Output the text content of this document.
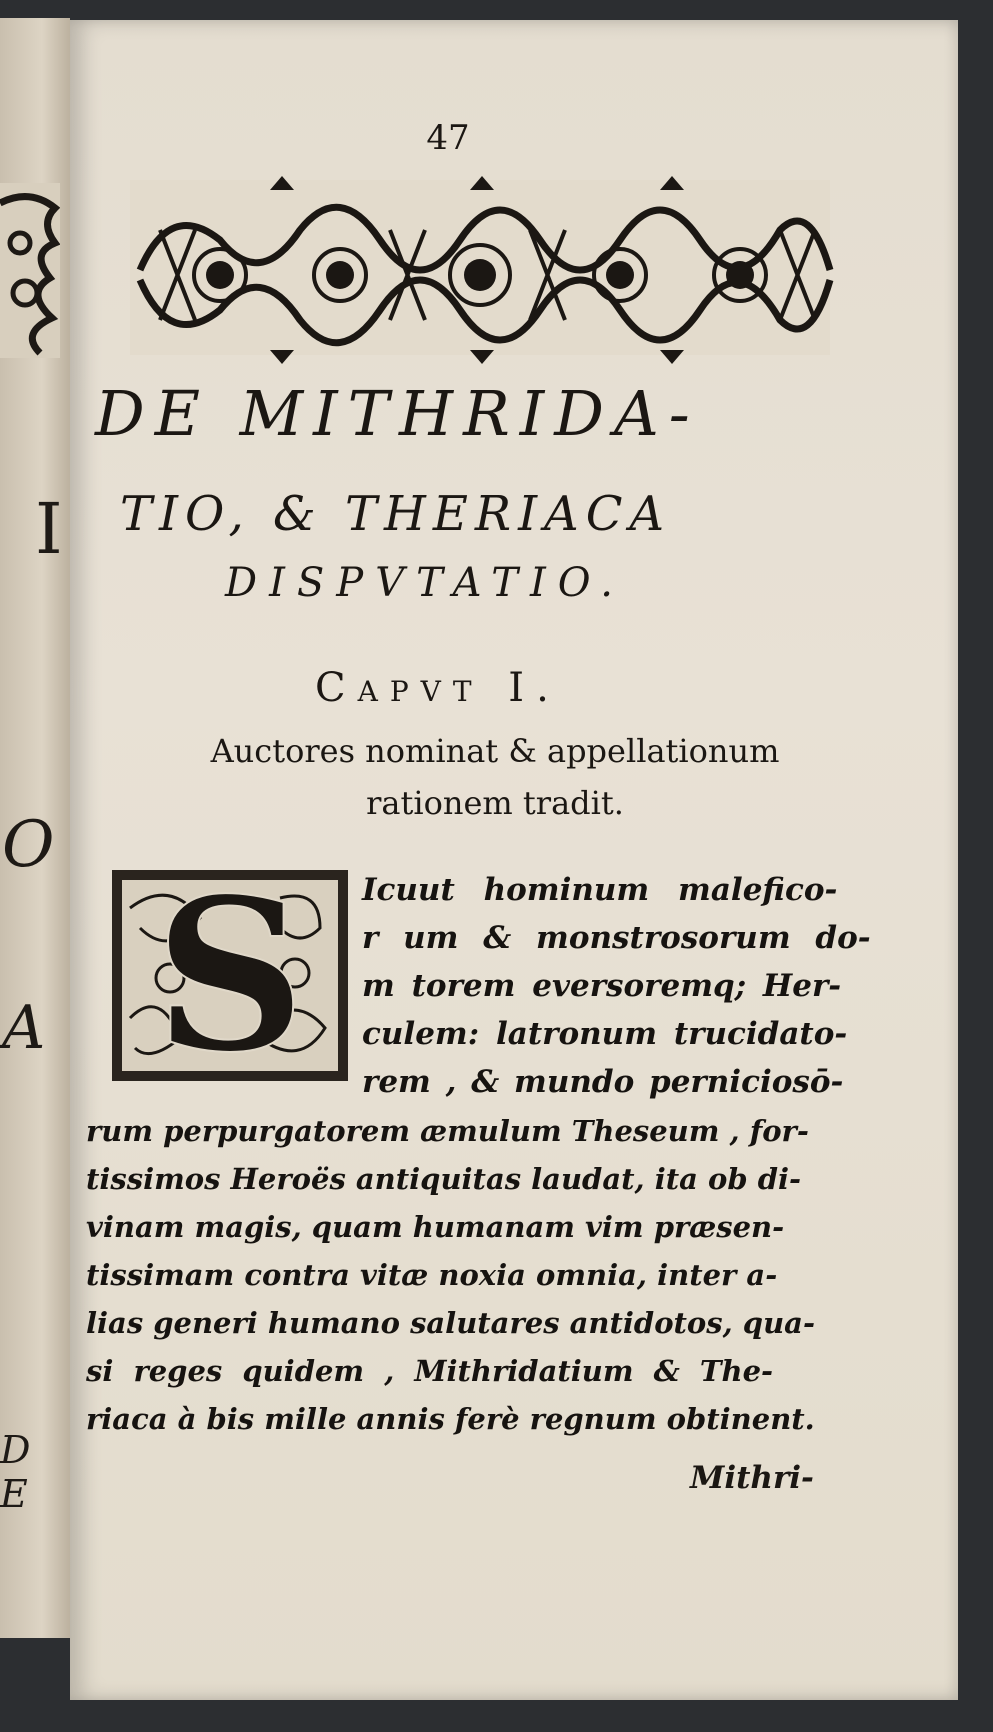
I
O
A
D E
47
DE MITHRIDA-
TIO, & THERIACA
DISPVTATIO.
Capvt I.
Auctores nominat & appellationum
rationem tradit.
S	Icuut hominum malefico-
r um & monstrosorum do-
m torem eversoremq; Her-
culem: latronum trucidato-
rem , & mundo perniciosō-
rum perpurgatorem æmulum Theseum , for-
tissimos Heroës antiquitas laudat, ita ob di-
vinam magis, quam humanam vim præsen-
tissimam contra vitæ noxia omnia, inter a-
lias generi humano salutares antidotos, qua-
si reges quidem , Mithridatium & The-
riaca à bis mille annis ferè regnum obtinent.
Mithri-
